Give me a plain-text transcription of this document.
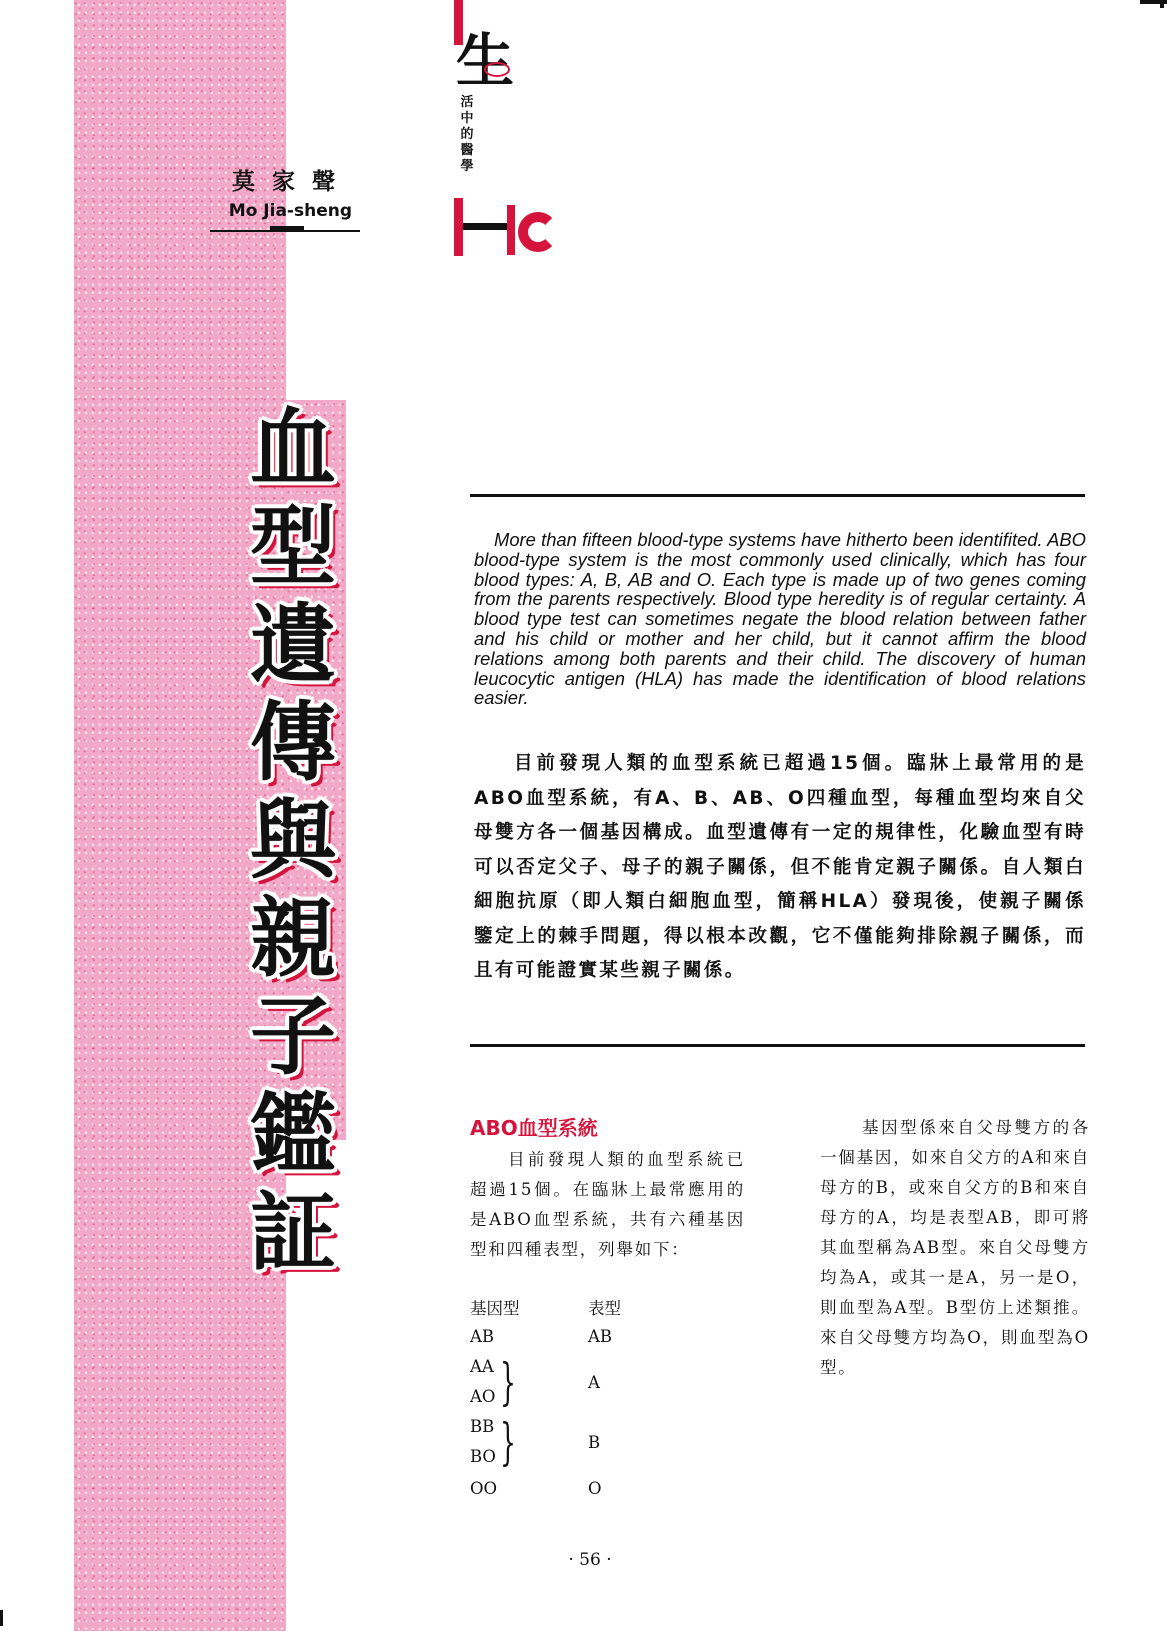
莫家聲
Mo Jia-sheng
生
活中的醫學
血
型
遺
傳
與
親
子
鑑
証

More than fifteen blood-type systems have hitherto been identifited. ABO blood-type system is the most commonly used clinically, which has four blood types: A, B, AB and O. Each type is made up of two genes coming from the parents respectively. Blood type heredity is of regular certainty. A blood type test can sometimes negate the blood relation between father and his child or mother and her child, but it cannot affirm the blood relations among both parents and their child. The discovery of human leucocytic antigen (HLA) has made the identification of blood relations easier.

目前發現人類的血型系統已超過15個。臨牀上最常用的是ABO血型系統，有A、B、AB、O四種血型，每種血型均來自父母雙方各一個基因構成。血型遺傳有一定的規律性，化驗血型有時可以否定父子、母子的親子關係，但不能肯定親子關係。自人類白細胞抗原（即人類白細胞血型，簡稱HLA）發現後，使親子關係鑒定上的棘手問題，得以根本改觀，它不僅能夠排除親子關係，而且有可能證實某些親子關係。

ABO血型系統

目前發現人類的血型系統已超過15個。在臨牀上最常應用的是ABO血型系統，共有六種基因型和四種表型，列舉如下：

基因型	表型
AB	AB
AA
AO }	A
BB
BO }	B
OO	O

基因型係來自父母雙方的各一個基因，如來自父方的A和來自母方的B，或來自父方的B和來自母方的A，均是表型AB，即可將其血型稱為AB型。來自父母雙方均為A，或其一是A，另一是O，則血型為A型。B型仿上述類推。來自父母雙方均為O，則血型為O型。

· 56 ·
